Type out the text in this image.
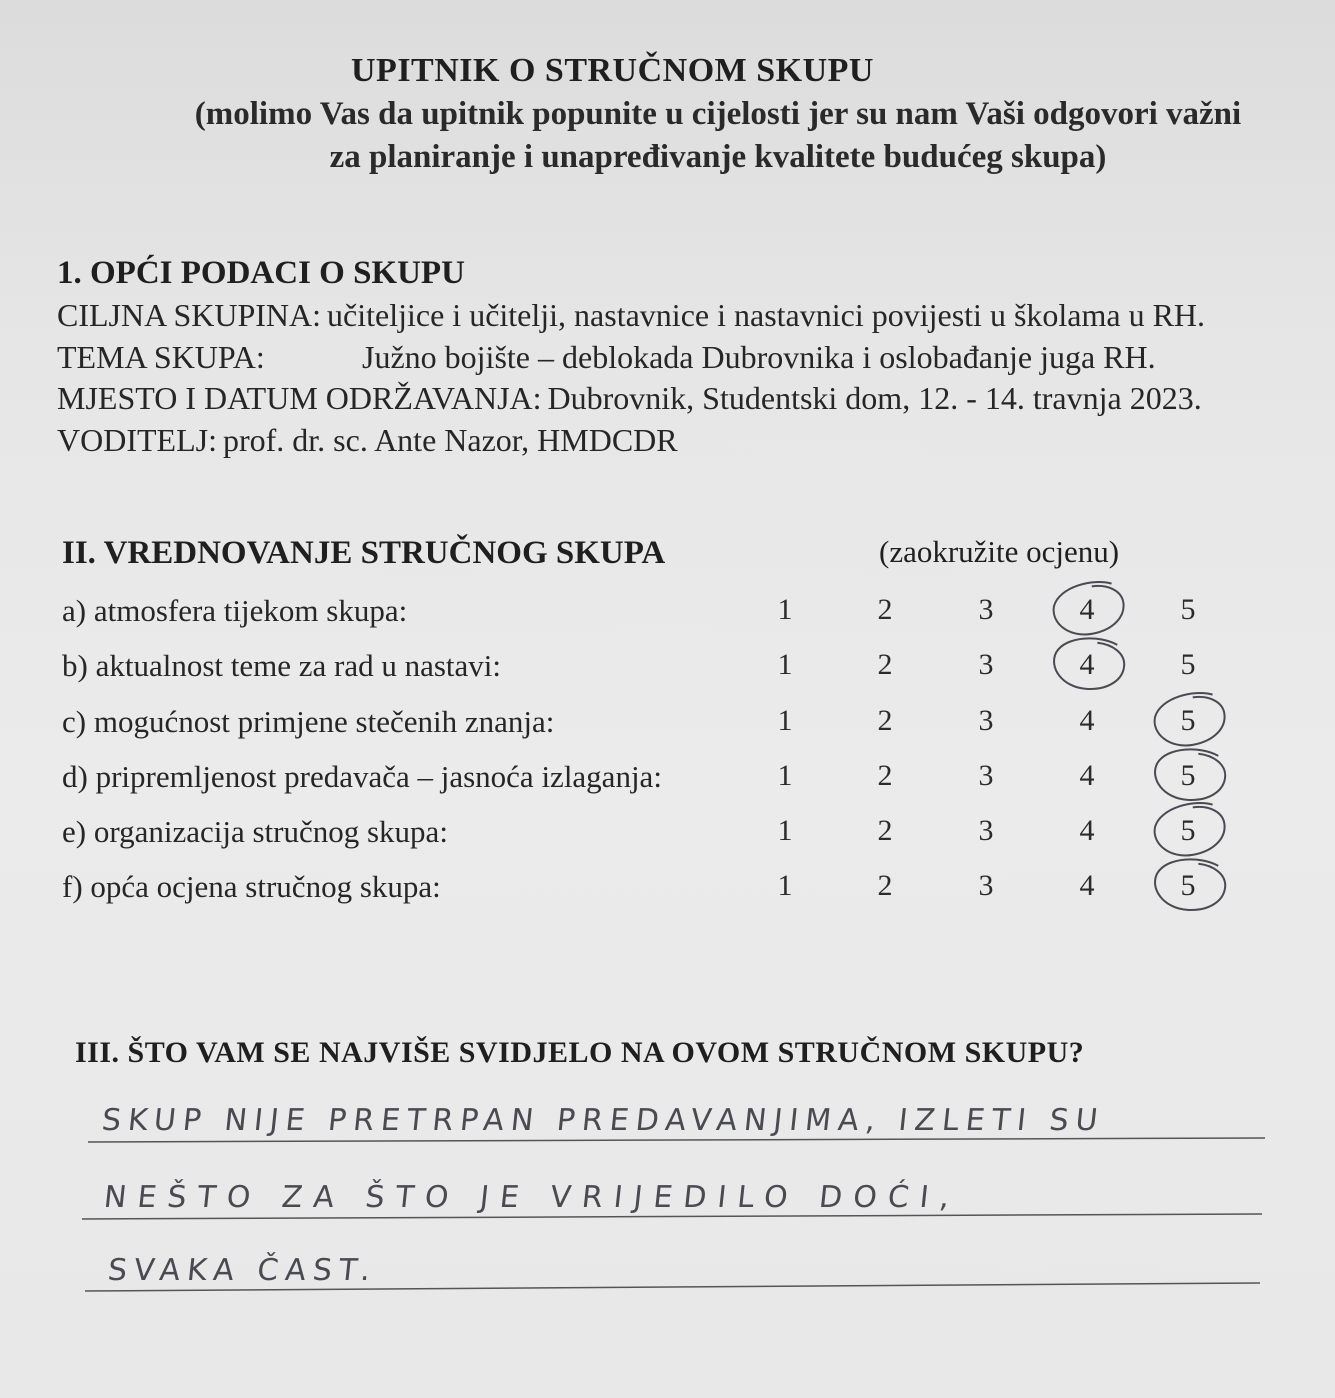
UPITNIK O STRUČNOM SKUPU
(molimo Vas da upitnik popunite u cijelosti jer su nam Vaši odgovori važni
za planiranje i unapređivanje kvalitete budućeg skupa)
1. OPĆI PODACI O SKUPU
CILJNA SKUPINA: učiteljice i učitelji, nastavnice i nastavnici povijesti u školama u RH.
TEMA SKUPA:	Južno bojište – deblokada Dubrovnika i oslobađanje juga RH.
MJESTO I DATUM ODRŽAVANJA: Dubrovnik, Studentski dom, 12. - 14. travnja 2023.
VODITELJ: prof. dr. sc. Ante Nazor, HMDCDR
II. VREDNOVANJE STRUČNOG SKUPA	(zaokružite ocjenu)
a) atmosfera tijekom skupa:	1	2	3	4	5
b) aktualnost teme za rad u nastavi:	1	2	3	4	5
c) mogućnost primjene stečenih znanja:	1	2	3	4	5
d) pripremljenost predavača – jasnoća izlaganja:	1	2	3	4	5
e) organizacija stručnog skupa:	1	2	3	4	5
f) opća ocjena stručnog skupa:	1	2	3	4	5
III. ŠTO VAM SE NAJVIŠE SVIDJELO NA OVOM STRUČNOM SKUPU?
SKUP NIJE PRETRPAN PREDAVANJIMA, IZLETI SU
NEŠTO ZA ŠTO JE VRIJEDILO DOĆI,
SVAKA ČAST.
